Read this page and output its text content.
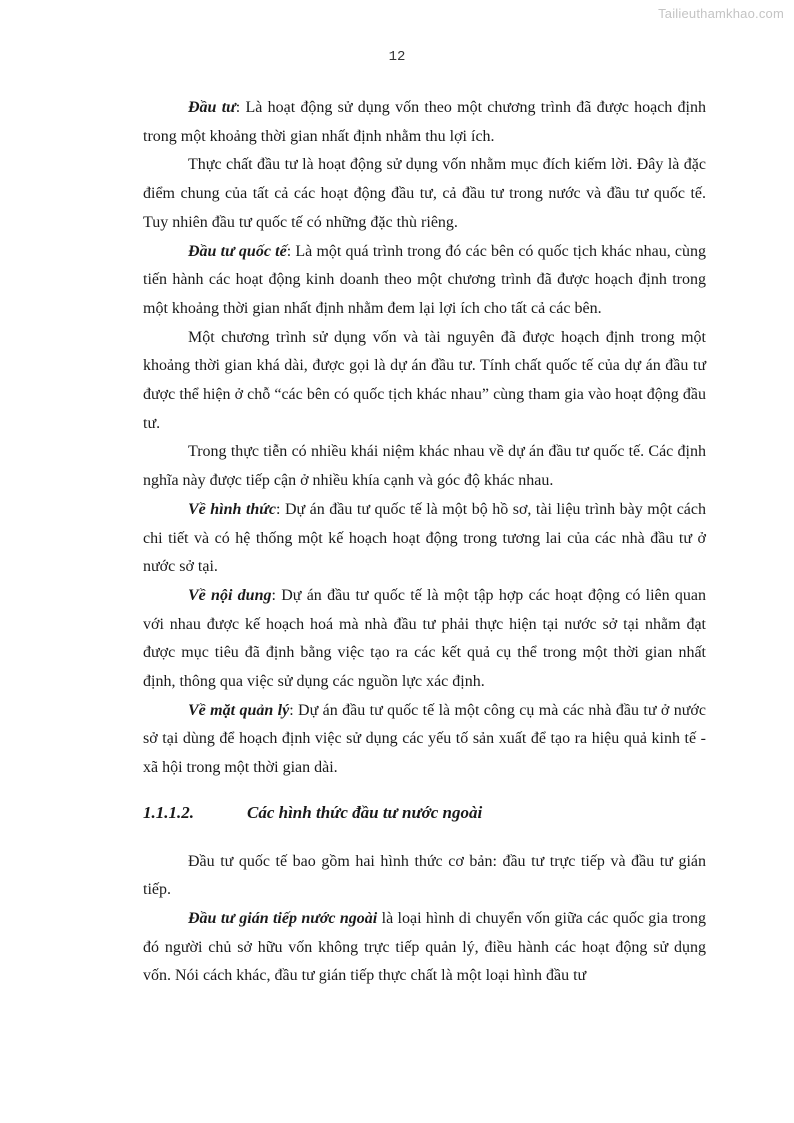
Tailieuthamkhao.com
12

Đầu tư: Là hoạt động sử dụng vốn theo một chương trình đã được hoạch định trong một khoảng thời gian nhất định nhằm thu lợi ích.

Thực chất đầu tư là hoạt động sử dụng vốn nhằm mục đích kiếm lời. Đây là đặc điểm chung của tất cả các hoạt động đầu tư, cả đầu tư trong nước và đầu tư quốc tế. Tuy nhiên đầu tư quốc tế có những đặc thù riêng.

Đầu tư quốc tế: Là một quá trình trong đó các bên có quốc tịch khác nhau, cùng tiến hành các hoạt động kinh doanh theo một chương trình đã được hoạch định trong một khoảng thời gian nhất định nhằm đem lại lợi ích cho tất cả các bên.

Một chương trình sử dụng vốn và tài nguyên đã được hoạch định trong một khoảng thời gian khá dài, được gọi là dự án đầu tư. Tính chất quốc tế của dự án đầu tư được thể hiện ở chỗ “các bên có quốc tịch khác nhau” cùng tham gia vào hoạt động đầu tư.

Trong thực tiễn có nhiều khái niệm khác nhau về dự án đầu tư quốc tế. Các định nghĩa này được tiếp cận ở nhiều khía cạnh và góc độ khác nhau.

Về hình thức: Dự án đầu tư quốc tế là một bộ hồ sơ, tài liệu trình bày một cách chi tiết và có hệ thống một kế hoạch hoạt động trong tương lai của các nhà đầu tư ở nước sở tại.

Về nội dung: Dự án đầu tư quốc tế là một tập hợp các hoạt động có liên quan với nhau được kế hoạch hoá mà nhà đầu tư phải thực hiện tại nước sở tại nhằm đạt được mục tiêu đã định bằng việc tạo ra các kết quả cụ thể trong một thời gian nhất định, thông qua việc sử dụng các nguồn lực xác định.

Về mặt quản lý: Dự án đầu tư quốc tế là một công cụ mà các nhà đầu tư ở nước sở tại dùng để hoạch định việc sử dụng các yếu tố sản xuất để tạo ra hiệu quả kinh tế - xã hội trong một thời gian dài.

1.1.1.2.	Các hình thức đầu tư nước ngoài

Đầu tư quốc tế bao gồm hai hình thức cơ bản: đầu tư trực tiếp và đầu tư gián tiếp.

Đầu tư gián tiếp nước ngoài là loại hình di chuyển vốn giữa các quốc gia trong đó người chủ sở hữu vốn không trực tiếp quản lý, điều hành các hoạt động sử dụng vốn. Nói cách khác, đầu tư gián tiếp thực chất là một loại hình đầu tư
